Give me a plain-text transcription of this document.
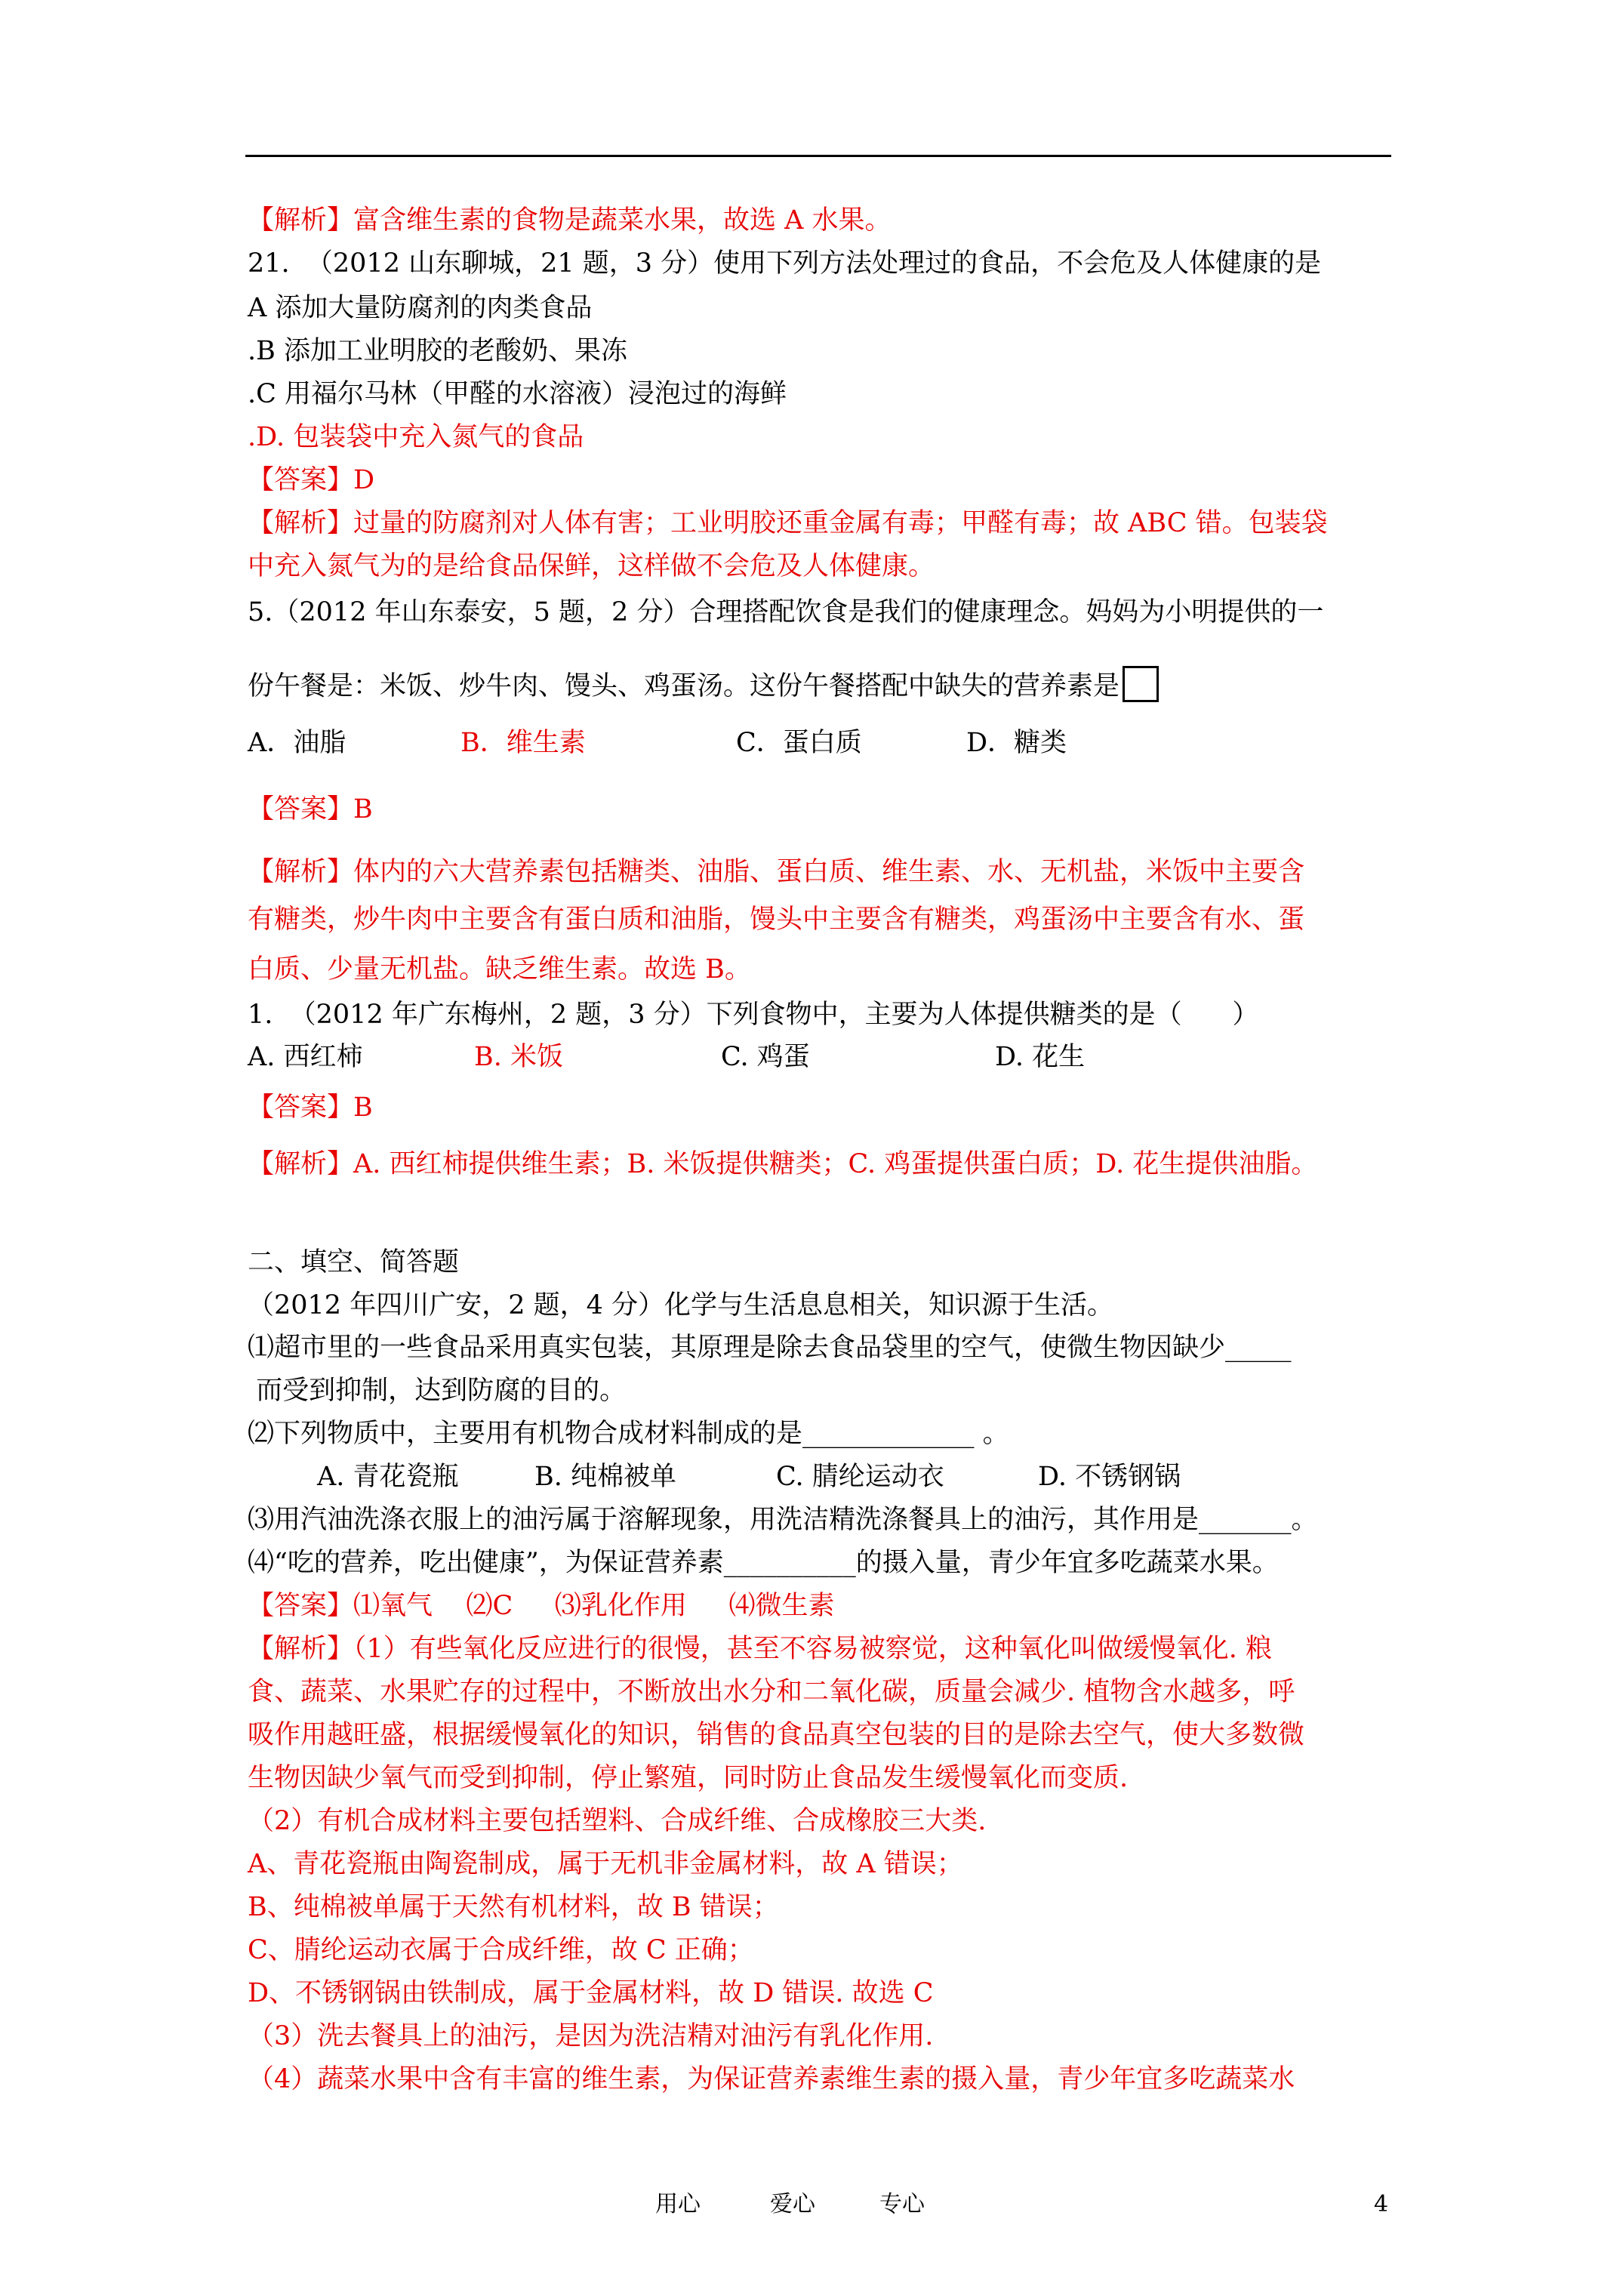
【解析】富含维生素的食物是蔬菜水果，故选 A 水果。
21.  （2012 山东聊城，21 题，3 分）使用下列方法处理过的食品，不会危及人体健康的是
A 添加大量防腐剂的肉类食品
.B 添加工业明胶的老酸奶、果冻
.C 用福尔马林（甲醛的水溶液）浸泡过的海鲜
.D. 包装袋中充入氮气的食品
【答案】D
【解析】过量的防腐剂对人体有害；工业明胶还重金属有毒；甲醛有毒；故 ABC 错。包装袋
中充入氮气为的是给食品保鲜，这样做不会危及人体健康。
5.（2012 年山东泰安，5 题，2 分）合理搭配饮食是我们的健康理念。妈妈为小明提供的一
份午餐是：米饭、炒牛肉、馒头、鸡蛋汤。这份午餐搭配中缺失的营养素是
A．油脂	B．维生素	C．蛋白质	D．糖类
【答案】B
【解析】体内的六大营养素包括糖类、油脂、蛋白质、维生素、水、无机盐，米饭中主要含
有糖类，炒牛肉中主要含有蛋白质和油脂，馒头中主要含有糖类，鸡蛋汤中主要含有水、蛋
白质、少量无机盐。缺乏维生素。故选 B。
1.  （2012 年广东梅州，2 题，3 分）下列食物中，主要为人体提供糖类的是（      ）
A. 西红柿	B. 米饭	C. 鸡蛋	D. 花生
【答案】B
【解析】A. 西红柿提供维生素；B. 米饭提供糖类；C. 鸡蛋提供蛋白质；D. 花生提供油脂。
二、填空、简答题
（2012 年四川广安，2 题，4 分）化学与生活息息相关，知识源于生活。
⑴超市里的一些食品采用真实包装，其原理是除去食品袋里的空气，使微生物因缺少_____
而受到抑制，达到防腐的目的。
⑵下列物质中，主要用有机物合成材料制成的是_____________ 。
A. 青花瓷瓶	B. 纯棉被单	C. 腈纶运动衣	D. 不锈钢锅
⑶用汽油洗涤衣服上的油污属于溶解现象，用洗洁精洗涤餐具上的油污，其作用是_______。
⑷“吃的营养，吃出健康”，为保证营养素__________的摄入量，青少年宜多吃蔬菜水果。
【答案】⑴氧气    ⑵C     ⑶乳化作用     ⑷微生素
【解析】（1）有些氧化反应进行的很慢，甚至不容易被察觉，这种氧化叫做缓慢氧化. 粮
食、蔬菜、水果贮存的过程中，不断放出水分和二氧化碳，质量会减少. 植物含水越多，呼
吸作用越旺盛，根据缓慢氧化的知识，销售的食品真空包装的目的是除去空气，使大多数微
生物因缺少氧气而受到抑制，停止繁殖，同时防止食品发生缓慢氧化而变质.
（2）有机合成材料主要包括塑料、合成纤维、合成橡胶三大类.
A、青花瓷瓶由陶瓷制成，属于无机非金属材料，故 A 错误；
B、纯棉被单属于天然有机材料，故 B 错误；
C、腈纶运动衣属于合成纤维，故 C 正确；
D、不锈钢锅由铁制成，属于金属材料，故 D 错误. 故选 C
（3）洗去餐具上的油污，是因为洗洁精对油污有乳化作用.
（4）蔬菜水果中含有丰富的维生素，为保证营养素维生素的摄入量，青少年宜多吃蔬菜水
用心	爱心	专心	4
